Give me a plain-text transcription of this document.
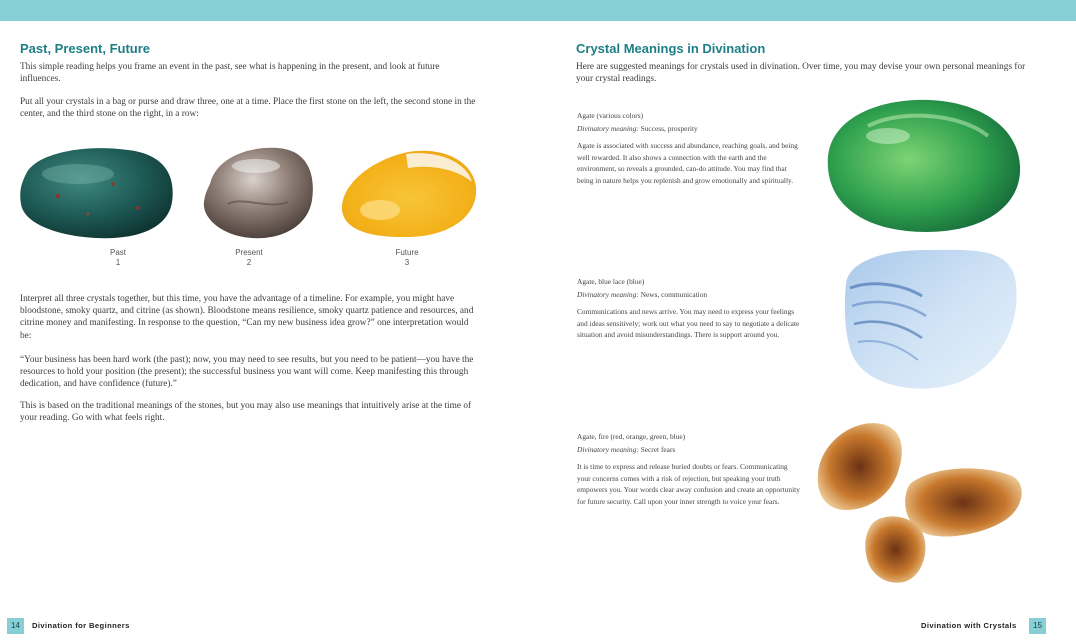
Past, Present, Future
This simple reading helps you frame an event in the past, see what is happening in the present, and look at future influences.
Put all your crystals in a bag or purse and draw three, one at a time. Place the first stone on the left, the second stone in the center, and the third stone on the right, in a row:
Past
1
Present
2
Future
3
Interpret all three crystals together, but this time, you have the advantage of a timeline. For example, you might have bloodstone, smoky quartz, and citrine (as shown). Bloodstone means resilience, smoky quartz patience and resources, and citrine money and manifesting. In response to the question, “Can my new business idea grow?” one interpretation would be:
“Your business has been hard work (the past); now, you may need to see results, but you need to be patient—you have the resources to hold your position (the present); the successful business you want will come. Keep manifesting this through dedication, and have confidence (future).”
This is based on the traditional meanings of the stones, but you may also use meanings that intuitively arise at the time of your reading. Go with what feels right.
Crystal Meanings in Divination
Here are suggested meanings for crystals used in divination. Over time, you may devise your own personal meanings for your crystal readings.
Agate (various colors)
Divinatory meaning: Success, prosperity
Agate is associated with success and abundance, reaching goals, and being well rewarded. It also shows a connection with the earth and the environment, so reveals a grounded, can-do attitude. You may find that being in nature helps you replenish and grow emotionally and spiritually.
Agate, blue lace (blue)
Divinatory meaning: News, communication
Communications and news arrive. You may need to express your feelings and ideas sensitively; work out what you need to say to negotiate a delicate situation and avoid misunderstandings. There is support around you.
Agate, fire (red, orange, green, blue)
Divinatory meaning: Secret fears
It is time to express and release buried doubts or fears. Communicating your concerns comes with a risk of rejection, but speaking your truth empowers you. Your words clear away confusion and create an opportunity for future security. Call upon your inner strength to voice your fears.
14	Divination for Beginners	Divination with Crystals	15
